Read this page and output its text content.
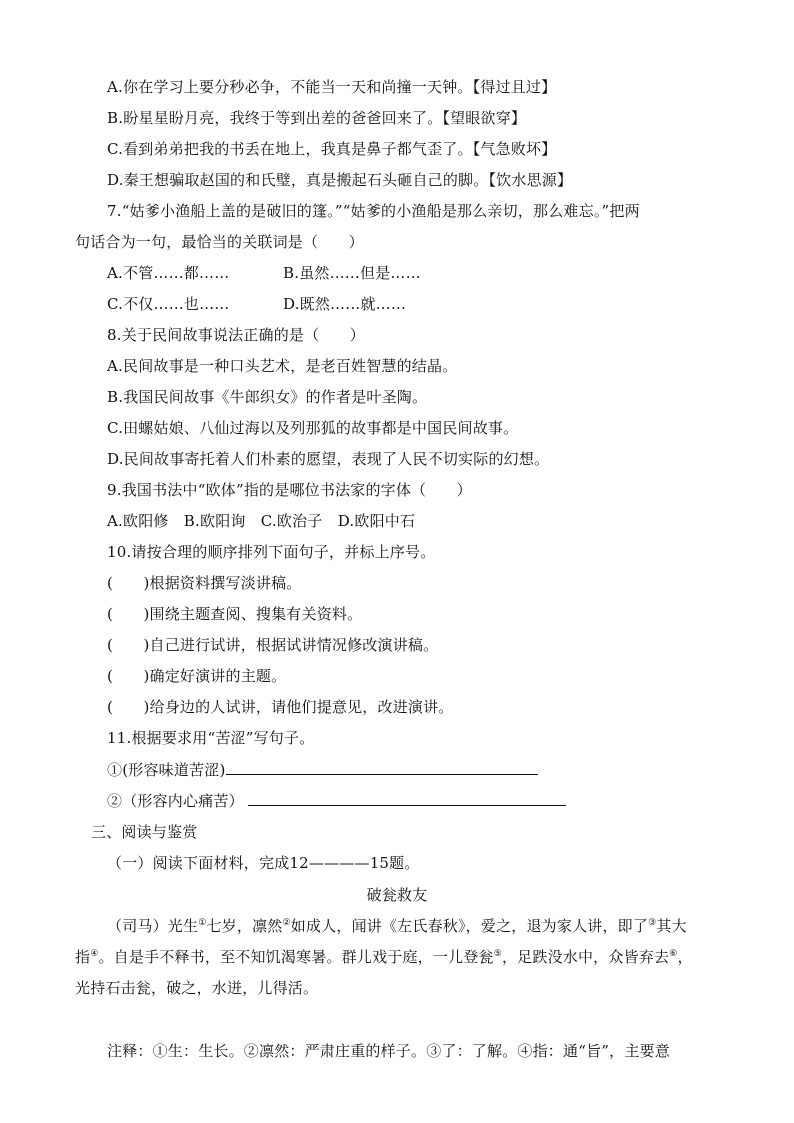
A.你在学习上要分秒必争，不能当一天和尚撞一天钟。【得过且过】
B.盼星星盼月亮，我终于等到出差的爸爸回来了。【望眼欲穿】
C.看到弟弟把我的书丢在地上，我真是鼻子都气歪了。【气急败坏】
D.秦王想骗取赵国的和氏璧，真是搬起石头砸自己的脚。【饮水思源】
7.“姑爹小渔船上盖的是破旧的篷。”“姑爹的小渔船是那么亲切，那么难忘。”把两
句话合为一句，最恰当的关联词是（　　）
A.不管……都……	B.虽然……但是……
C.不仅……也……	D.既然……就……
8.关于民间故事说法正确的是（　　）
A.民间故事是一种口头艺术，是老百姓智慧的结晶。
B.我国民间故事《牛郎织女》的作者是叶圣陶。
C.田螺姑娘、八仙过海以及列那狐的故事都是中国民间故事。
D.民间故事寄托着人们朴素的愿望，表现了人民不切实际的幻想。
9.我国书法中“欧体”指的是哪位书法家的字体（　　）
A.欧阳修　B.欧阳询　C.欧治子　D.欧阳中石
10.请按合理的顺序排列下面句子，并标上序号。
(　　)根据资料撰写淡讲稿。
(　　)围绕主题查阅、搜集有关资料。
(　　)自己进行试讲，根据试讲情况修改演讲稿。
(　　)确定好演讲的主题。
(　　)给身边的人试讲，请他们提意见，改进演讲。
11.根据要求用“苦涩”写句子。
①(形容味道苦涩)
②（形容内心痛苦）
三、阅读与鉴赏
（一）阅读下面材料，完成12————15题。
破瓮救友
（司马）光生①七岁，凛然②如成人，闻讲《左氏春秋》，爱之，退为家人讲，即了③其大
指④。自是手不释书，至不知饥渴寒暑。群儿戏于庭，一儿登瓮⑤，足跌没水中，众皆弃去⑥，
光持石击瓮，破之，水迸，儿得活。
注释：①生：生长。②凛然：严肃庄重的样子。③了：了解。④指：通“旨”，主要意
